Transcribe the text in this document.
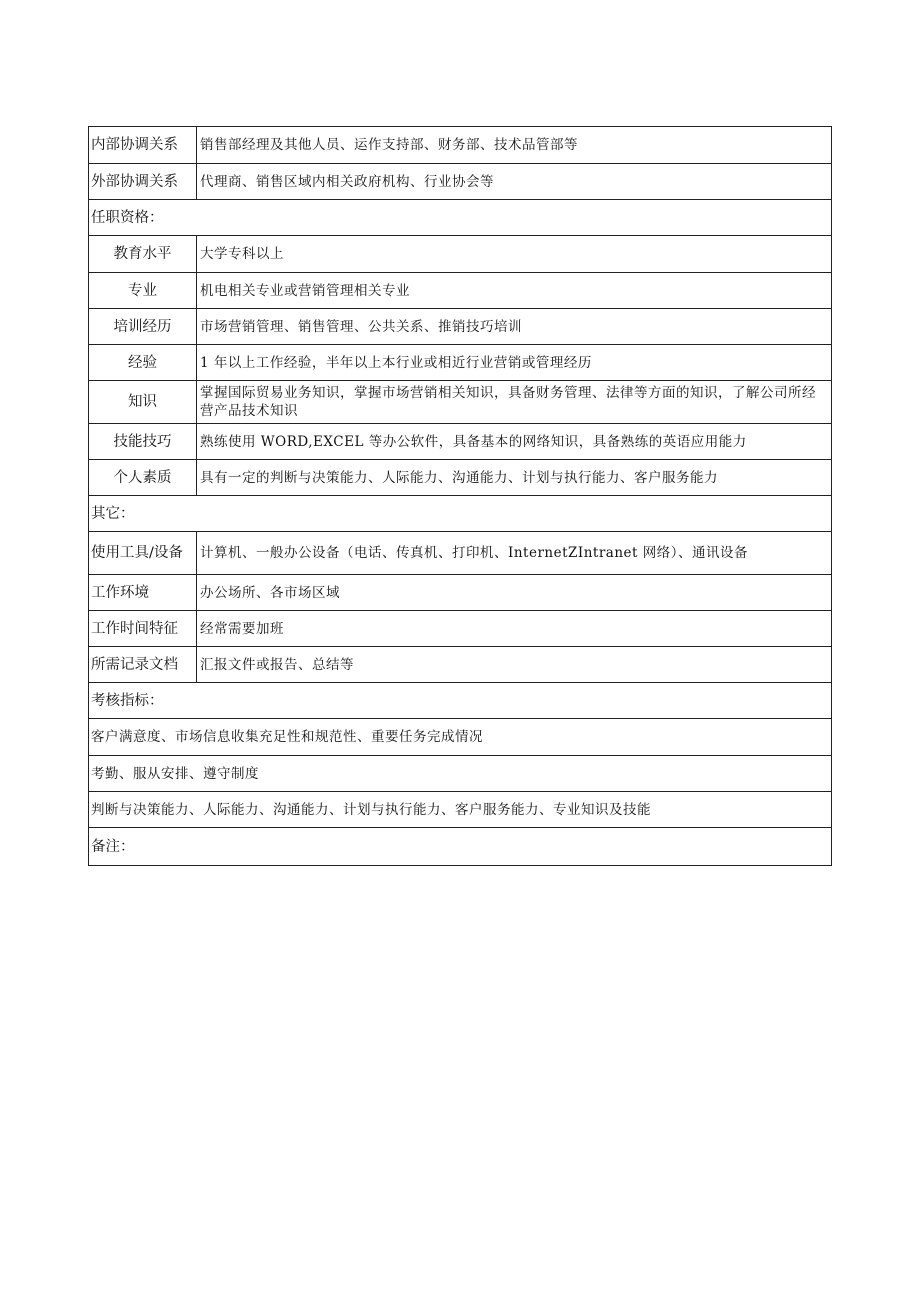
内部协调关系	销售部经理及其他人员、运作支持部、财务部、技术品管部等
外部协调关系	代理商、销售区域内相关政府机构、行业协会等
任职资格：	
教育水平	大学专科以上
专业	机电相关专业或营销管理相关专业
培训经历	市场营销管理、销售管理、公共关系、推销技巧培训
经验	1 年以上工作经验，半年以上本行业或相近行业营销或管理经历
知识	掌握国际贸易业务知识，掌握市场营销相关知识，具备财务管理、法律等方面的知识，了解公司所经营产品技术知识
技能技巧	熟练使用 WORD,EXCEL 等办公软件，具备基本的网络知识，具备熟练的英语应用能力
个人素质	具有一定的判断与决策能力、人际能力、沟通能力、计划与执行能力、客户服务能力
其它：	
使用工具/设备	计算机、一般办公设备（电话、传真机、打印机、InternetZIntranet 网络）、通讯设备
工作环境	办公场所、各市场区域
工作时间特征	经常需要加班
所需记录文档	汇报文件或报告、总结等
考核指标：	
客户满意度、市场信息收集充足性和规范性、重要任务完成情况	
考勤、服从安排、遵守制度	
判断与决策能力、人际能力、沟通能力、计划与执行能力、客户服务能力、专业知识及技能	
备注：	
